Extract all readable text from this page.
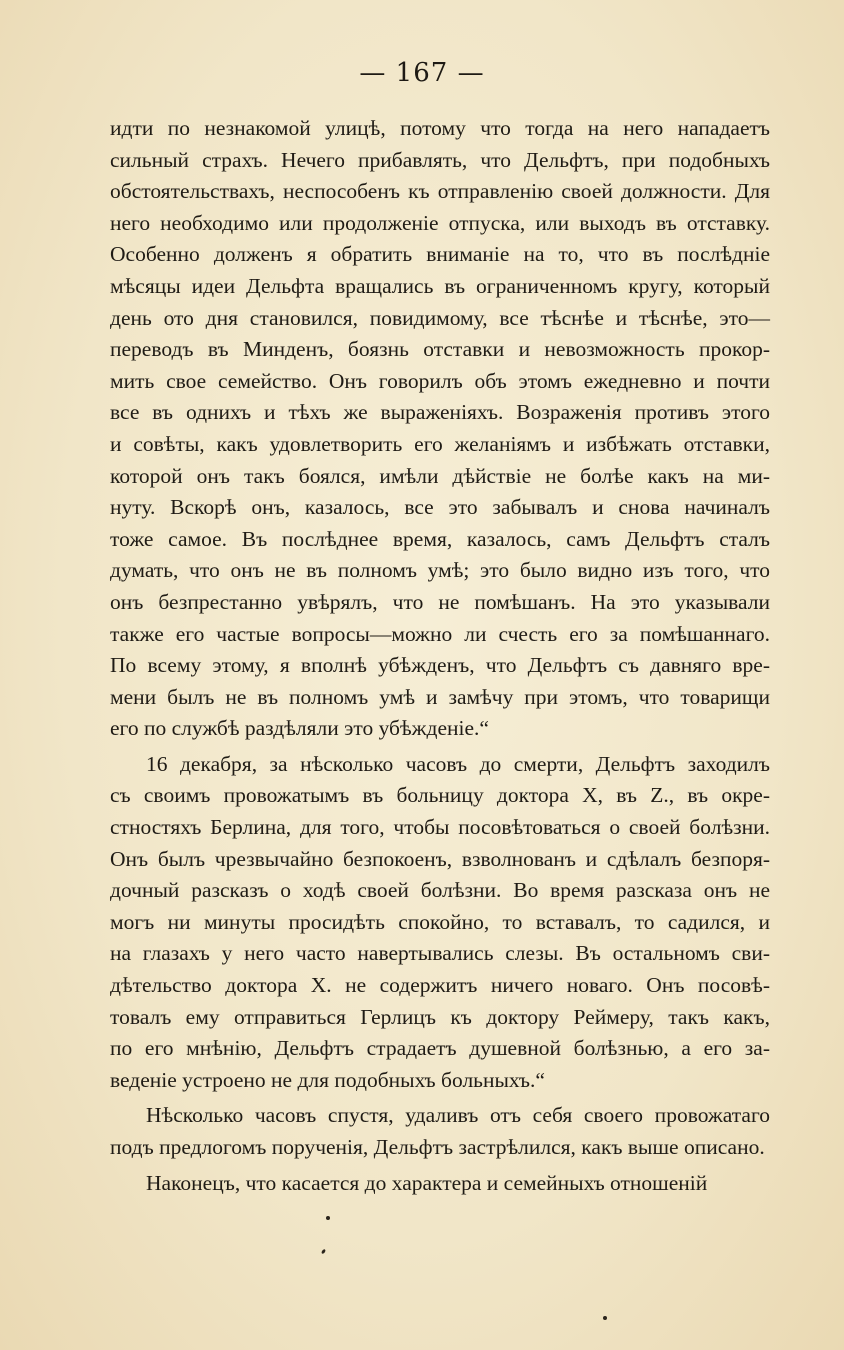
— 167 —
идти по незнакомой улицѣ, потому что тогда на него нападаетъ
сильный страхъ. Нечего прибавлять, что Дельфтъ, при подобныхъ
обстоятельствахъ, неспособенъ къ отправленію своей должности. Для
него необходимо или продолженіе отпуска, или выходъ въ отставку.
Особенно долженъ я обратить вниманіе на то, что въ послѣдніе
мѣсяцы идеи Дельфта вращались въ ограниченномъ кругу, который
день ото дня становился, повидимому, все тѣснѣе и тѣснѣе, это—
переводъ въ Минденъ, боязнь отставки и невозможность прокор-
мить свое семейство. Онъ говорилъ объ этомъ ежедневно и почти
все въ однихъ и тѣхъ же выраженіяхъ. Возраженія противъ этого
и совѣты, какъ удовлетворить его желаніямъ и избѣжать отставки,
которой онъ такъ боялся, имѣли дѣйствіе не болѣе какъ на ми-
нуту. Вскорѣ онъ, казалось, все это забывалъ и снова начиналъ
тоже самое. Въ послѣднее время, казалось, самъ Дельфтъ сталъ
думать, что онъ не въ полномъ умѣ; это было видно изъ того, что
онъ безпрестанно увѣрялъ, что не помѣшанъ. На это указывали
также его частые вопросы—можно ли счесть его за помѣшаннаго.
По всему этому, я вполнѣ убѣжденъ, что Дельфтъ съ давняго вре-
мени былъ не въ полномъ умѣ и замѣчу при этомъ, что товарищи
его по службѣ раздѣляли это убѣжденіе.“
16 декабря, за нѣсколько часовъ до смерти, Дельфтъ заходилъ
съ своимъ провожатымъ въ больницу доктора X, въ Z., въ окре-
стностяхъ Берлина, для того, чтобы посовѣтоваться о своей болѣзни.
Онъ былъ чрезвычайно безпокоенъ, взволнованъ и сдѣлалъ безпоря-
дочный разсказъ о ходѣ своей болѣзни. Во время разсказа онъ не
могъ ни минуты просидѣть спокойно, то вставалъ, то садился, и
на глазахъ у него часто навертывались слезы. Въ остальномъ сви-
дѣтельство доктора X. не содержитъ ничего новаго. Онъ посовѣ-
товалъ ему отправиться Герлицъ къ доктору Реймеру, такъ какъ,
по его мнѣнію, Дельфтъ страдаетъ душевной болѣзнью, а его за-
веденіе устроено не для подобныхъ больныхъ.“
Нѣсколько часовъ спустя, удаливъ отъ себя своего провожатаго
подъ предлогомъ порученія, Дельфтъ застрѣлился, какъ выше описано.
Наконецъ, что касается до характера и семейныхъ отношеній
